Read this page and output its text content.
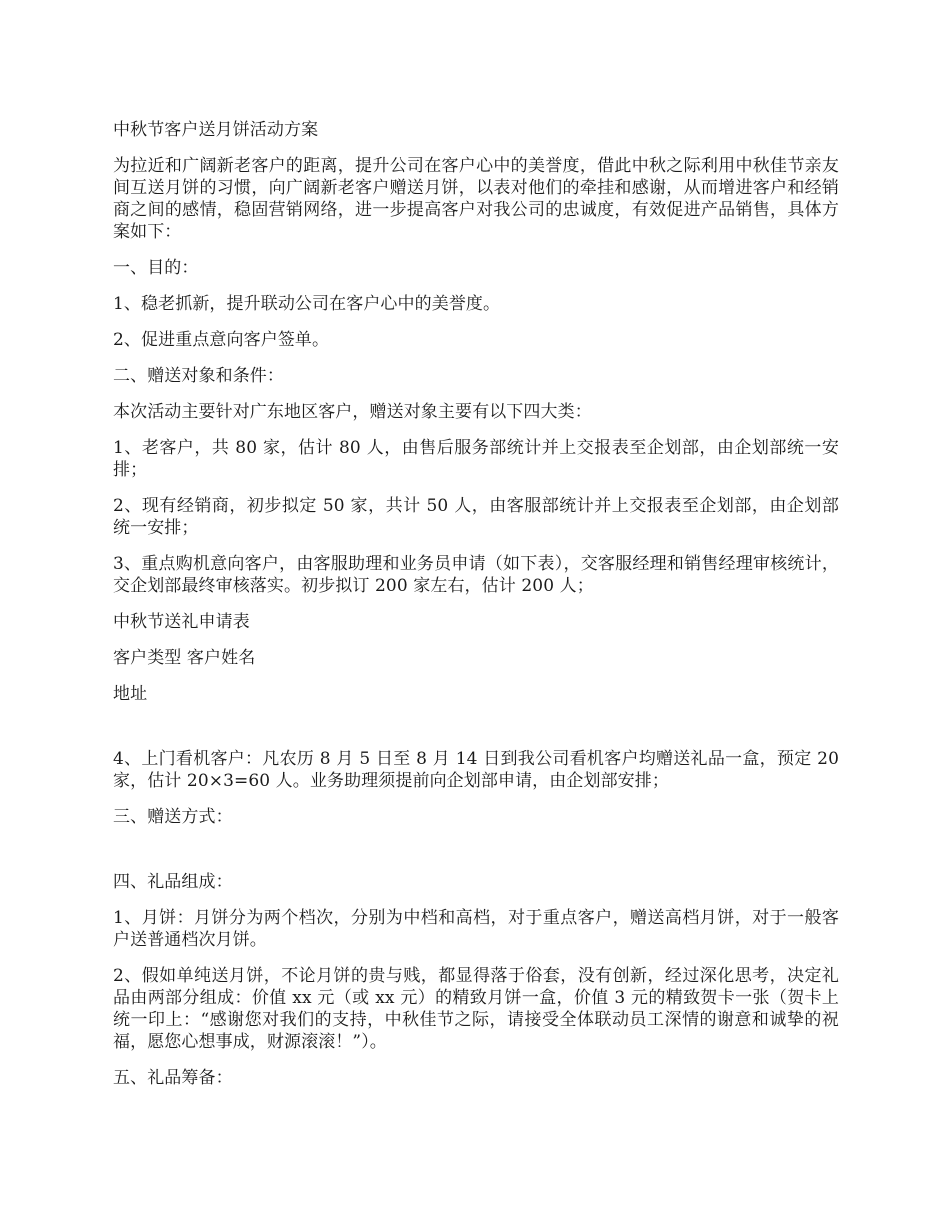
中秋节客户送月饼活动方案

为拉近和广阔新老客户的距离，提升公司在客户心中的美誉度，借此中秋之际利用中秋佳节亲友间互送月饼的习惯，向广阔新老客户赠送月饼，以表对他们的牵挂和感谢，从而增进客户和经销商之间的感情，稳固营销网络，进一步提高客户对我公司的忠诚度，有效促进产品销售，具体方案如下：

一、目的：

1、稳老抓新，提升联动公司在客户心中的美誉度。

2、促进重点意向客户签单。

二、赠送对象和条件：

本次活动主要针对广东地区客户，赠送对象主要有以下四大类：

1、老客户，共 80 家，估计 80 人，由售后服务部统计并上交报表至企划部，由企划部统一安排；

2、现有经销商，初步拟定 50 家，共计 50 人，由客服部统计并上交报表至企划部，由企划部统一安排；

3、重点购机意向客户，由客服助理和业务员申请（如下表），交客服经理和销售经理审核统计，交企划部最终审核落实。初步拟订 200 家左右，估计 200 人；

中秋节送礼申请表

客户类型 客户姓名

地址

4、上门看机客户：凡农历 8 月 5 日至 8 月 14 日到我公司看机客户均赠送礼品一盒，预定 20 家，估计 20×3=60 人。业务助理须提前向企划部申请，由企划部安排；

三、赠送方式：

四、礼品组成：

1、月饼：月饼分为两个档次，分别为中档和高档，对于重点客户，赠送高档月饼，对于一般客户送普通档次月饼。

2、假如单纯送月饼，不论月饼的贵与贱，都显得落于俗套，没有创新，经过深化思考，决定礼品由两部分组成：价值 xx 元（或 xx 元）的精致月饼一盒，价值 3 元的精致贺卡一张（贺卡上统一印上：“感谢您对我们的支持，中秋佳节之际，请接受全体联动员工深情的谢意和诚挚的祝福，愿您心想事成，财源滚滚！”）。

五、礼品筹备：
